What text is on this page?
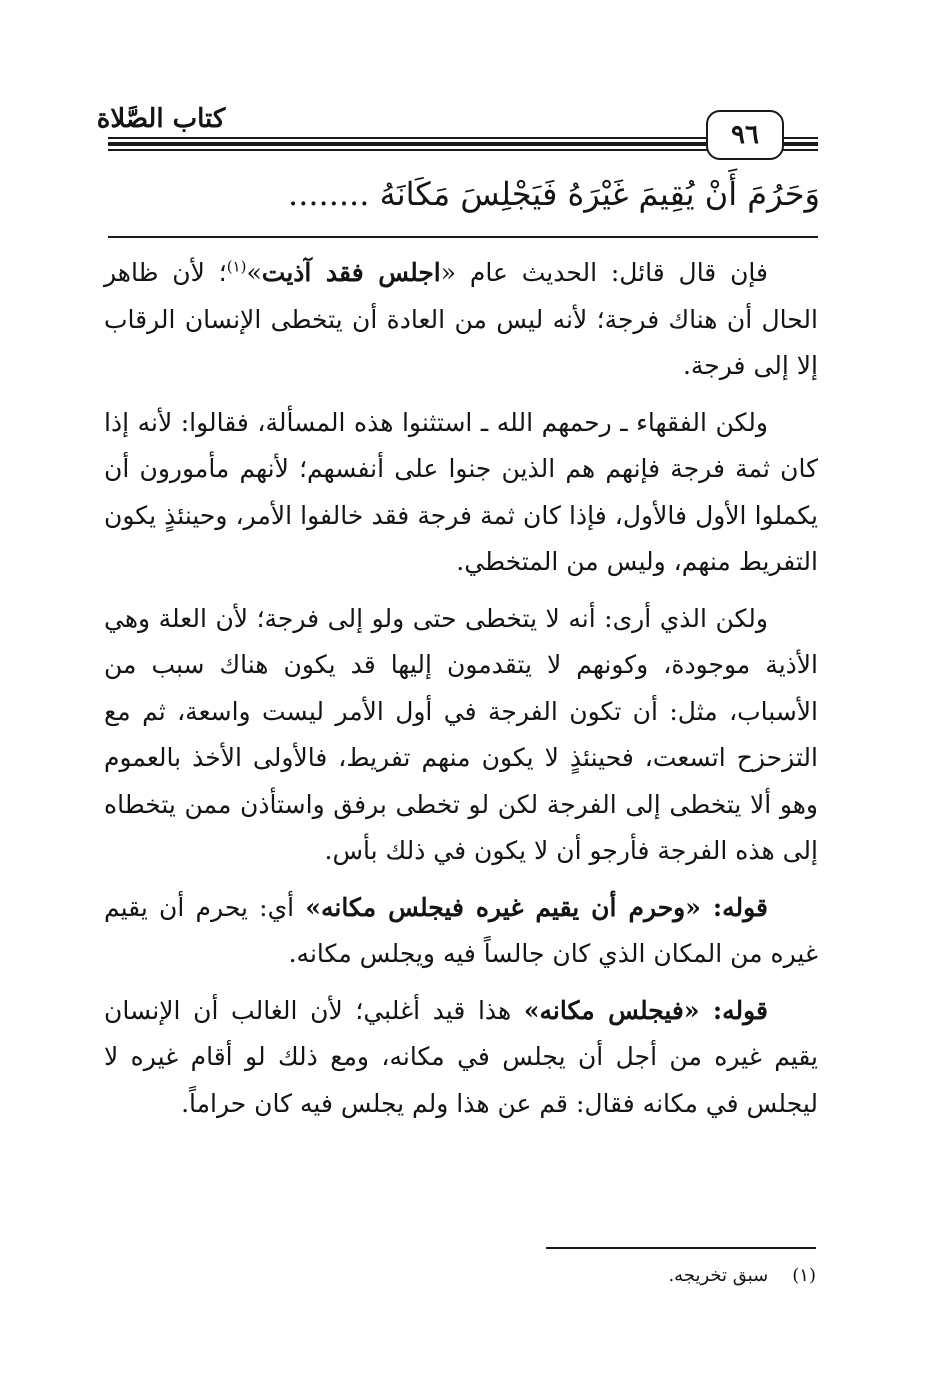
٩٦
كتاب الصَّلاة
وَحَرُمَ أَنْ يُقِيمَ غَيْرَهُ فَيَجْلِسَ مَكَانَهُ ........

فإن قال قائل: الحديث عام «اجلس فقد آذيت»$^{(١)}$؛ لأن ظاهر الحال أن هناك فرجة؛ لأنه ليس من العادة أن يتخطى الإنسان الرقاب إلا إلى فرجة.

ولكن الفقهاء ـ رحمهم الله ـ استثنوا هذه المسألة، فقالوا: لأنه إذا كان ثمة فرجة فإنهم هم الذين جنوا على أنفسهم؛ لأنهم مأمورون أن يكملوا الأول فالأول، فإذا كان ثمة فرجة فقد خالفوا الأمر، وحينئذٍ يكون التفريط منهم، وليس من المتخطي.

ولكن الذي أرى: أنه لا يتخطى حتى ولو إلى فرجة؛ لأن العلة وهي الأذية موجودة، وكونهم لا يتقدمون إليها قد يكون هناك سبب من الأسباب، مثل: أن تكون الفرجة في أول الأمر ليست واسعة، ثم مع التزحزح اتسعت، فحينئذٍ لا يكون منهم تفريط، فالأولى الأخذ بالعموم وهو ألا يتخطى إلى الفرجة لكن لو تخطى برفق واستأذن ممن يتخطاه إلى هذه الفرجة فأرجو أن لا يكون في ذلك بأس.

قوله: «وحرم أن يقيم غيره فيجلس مكانه» أي: يحرم أن يقيم غيره من المكان الذي كان جالساً فيه ويجلس مكانه.

قوله: «فيجلس مكانه» هذا قيد أغلبي؛ لأن الغالب أن الإنسان يقيم غيره من أجل أن يجلس في مكانه، ومع ذلك لو أقام غيره لا ليجلس في مكانه فقال: قم عن هذا ولم يجلس فيه كان حراماً.

(١)سبق تخريجه.
